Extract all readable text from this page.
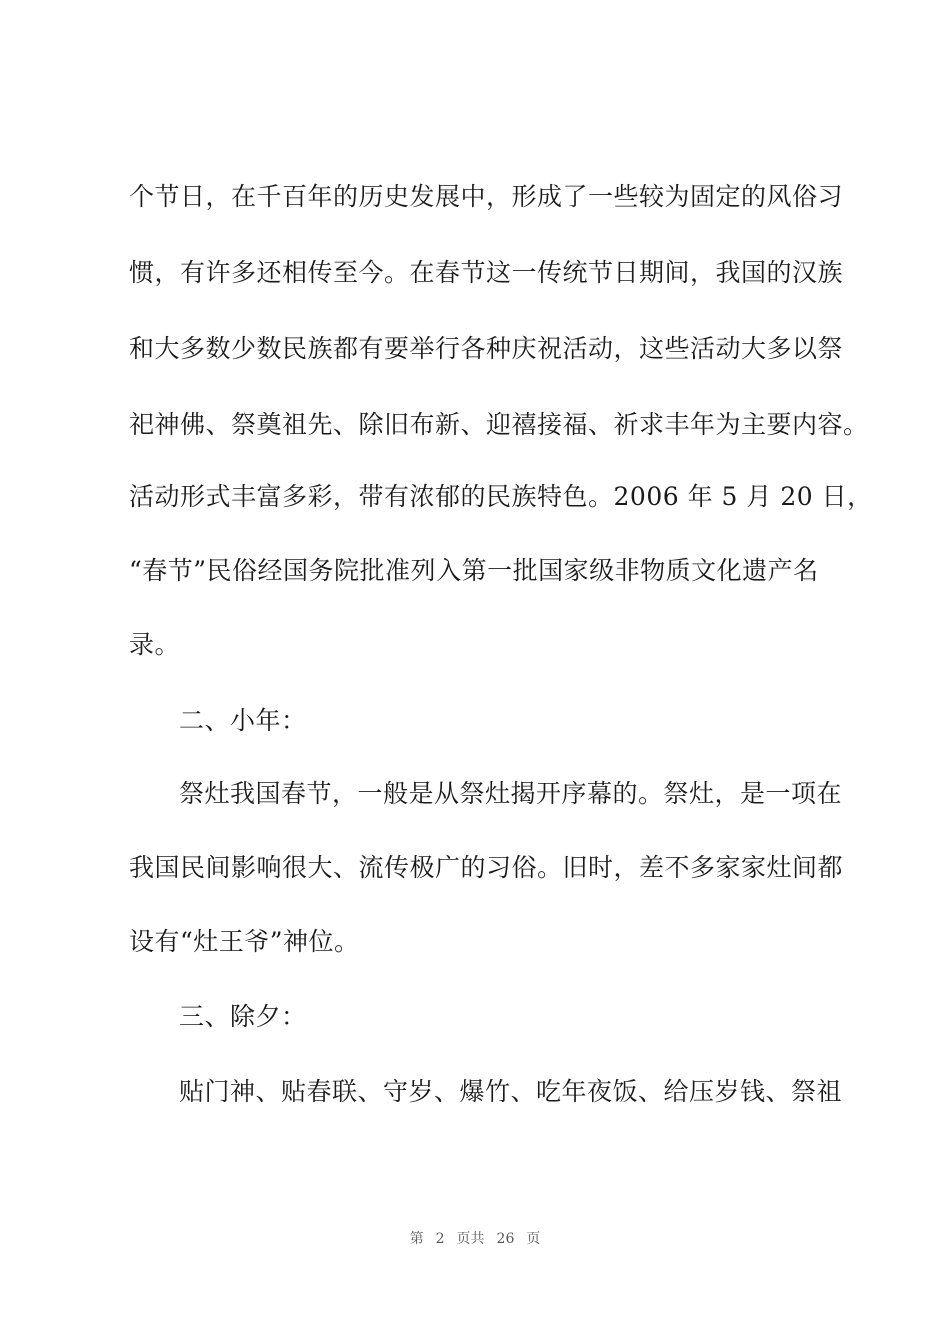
个节日，在千百年的历史发展中，形成了一些较为固定的风俗习
惯，有许多还相传至今。在春节这一传统节日期间，我国的汉族
和大多数少数民族都有要举行各种庆祝活动，这些活动大多以祭
祀神佛、祭奠祖先、除旧布新、迎禧接福、祈求丰年为主要内容。
活动形式丰富多彩，带有浓郁的民族特色。2006 年 5 月 20 日，
“春节”民俗经国务院批准列入第一批国家级非物质文化遗产名
录。
二、小年：
祭灶我国春节，一般是从祭灶揭开序幕的。祭灶，是一项在
我国民间影响很大、流传极广的习俗。旧时，差不多家家灶间都
设有“灶王爷”神位。
三、除夕：
贴门神、贴春联、守岁、爆竹、吃年夜饭、给压岁钱、祭祖
第 2 页共 26 页
